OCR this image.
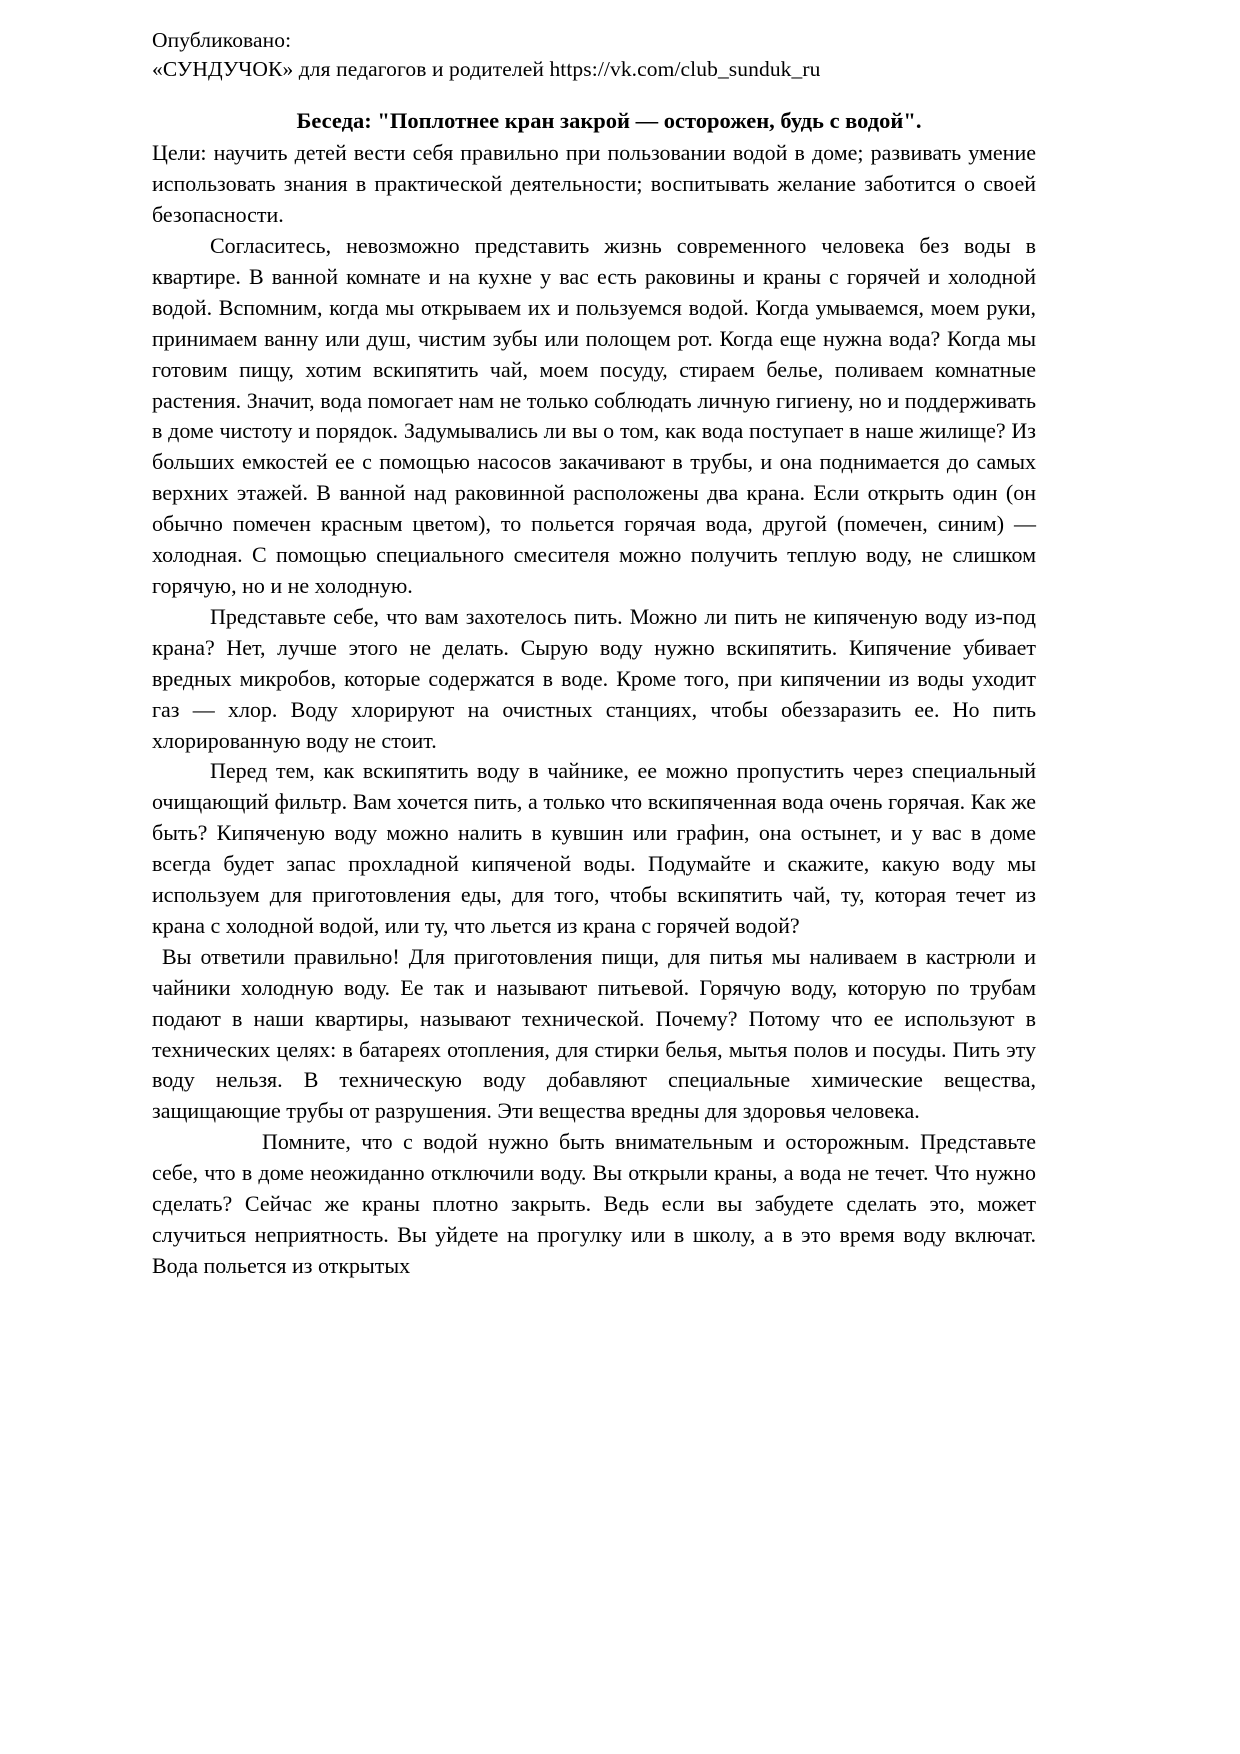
Опубликовано:
«СУНДУЧОК» для педагогов и родителей https://vk.com/club_sunduk_ru
Беседа: "Поплотнее кран закрой — осторожен, будь с водой".

Цели: научить детей вести себя правильно при пользовании водой в доме; развивать умение использовать знания в практической деятельности; воспитывать желание заботится о своей безопасности.

Согласитесь, невозможно представить жизнь современного человека без воды в квартире. В ванной комнате и на кухне у вас есть раковины и краны с горячей и холодной водой. Вспомним, когда мы открываем их и пользуемся водой. Когда умываемся, моем руки, принимаем ванну или душ, чистим зубы или полощем рот. Когда еще нужна вода? Когда мы готовим пищу, хотим вскипятить чай, моем посуду, стираем белье, поливаем комнатные растения. Значит, вода помогает нам не только соблюдать личную гигиену, но и поддерживать в доме чистоту и порядок. Задумывались ли вы о том, как вода поступает в наше жилище? Из больших емкостей ее с помощью насосов закачивают в трубы, и она поднимается до самых верхних этажей. В ванной над раковинной расположены два крана. Если открыть один (он обычно помечен красным цветом), то польется горячая вода, другой (помечен, синим) — холодная. С помощью специального смесителя можно получить теплую воду, не слишком горячую, но и не холодную.

Представьте себе, что вам захотелось пить. Можно ли пить не кипяченую воду из-под крана? Нет, лучше этого не делать. Сырую воду нужно вскипятить. Кипячение убивает вредных микробов, которые содержатся в воде. Кроме того, при кипячении из воды уходит газ — хлор. Воду хлорируют на очистных станциях, чтобы обеззаразить ее. Но пить хлорированную воду не стоит.

Перед тем, как вскипятить воду в чайнике, ее можно пропустить через специальный очищающий фильтр. Вам хочется пить, а только что вскипяченная вода очень горячая. Как же быть? Кипяченую воду можно налить в кувшин или графин, она остынет, и у вас в доме всегда будет запас прохладной кипяченой воды. Подумайте и скажите, какую воду мы используем для приготовления еды, для того, чтобы вскипятить чай, ту, которая течет из крана с холодной водой, или ту, что льется из крана с горячей водой?

Вы ответили правильно! Для приготовления пищи, для питья мы наливаем в кастрюли и чайники холодную воду. Ее так и называют питьевой. Горячую воду, которую по трубам подают в наши квартиры, называют технической. Почему? Потому что ее используют в технических целях: в батареях отопления, для стирки белья, мытья полов и посуды. Пить эту воду нельзя. В техническую воду добавляют специальные химические вещества, защищающие трубы от разрушения. Эти вещества вредны для здоровья человека.

Помните, что с водой нужно быть внимательным и осторожным. Представьте себе, что в доме неожиданно отключили воду. Вы открыли краны, а вода не течет. Что нужно сделать? Сейчас же краны плотно закрыть. Ведь если вы забудете сделать это, может случиться неприятность. Вы уйдете на прогулку или в школу, а в это время воду включат. Вода польется из открытых
